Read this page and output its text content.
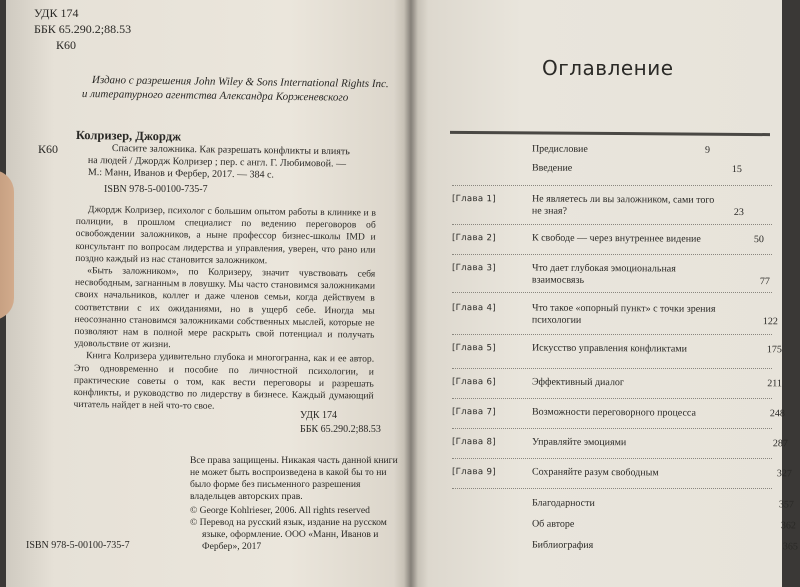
УДК 174
ББК 65.290.2;88.53
К60
Издано с разрешения John Wiley & Sons International Rights Inc.
и литературного агентства Александра Корженевского
Колризер, Джордж
К60	Спасите заложника. Как разрешать конфликты и влиять
на людей / Джордж Колризер ; пер. с англ. Г. Любимовой. —
М.: Манн, Иванов и Фербер, 2017. — 384 с.
ISBN 978-5-00100-735-7

Джордж Колризер, психолог с большим опытом работы в клинике и в полиции, в прошлом специалист по ведению переговоров об освобождении заложников, а ныне профессор бизнес-школы IMD и консультант по вопросам лидерства и управления, уверен, что рано или поздно каждый из нас становится заложником.

«Быть заложником», по Колризеру, значит чувствовать себя несвободным, загнанным в ловушку. Мы часто становимся заложниками своих начальников, коллег и даже членов семьи, когда действуем в соответствии с их ожиданиями, но в ущерб себе. Иногда мы неосознанно становимся заложниками собственных мыслей, которые не позволяют нам в полной мере раскрыть свой потенциал и получать удовольствие от жизни.

Книга Колризера удивительно глубока и многогранна, как и ее автор. Это одновременно и пособие по личностной психологии, и практические советы о том, как вести переговоры и разрешать конфликты, и руководство по лидерству в бизнесе. Каждый думающий читатель найдет в ней что-то свое.

УДК 174
ББК 65.290.2;88.53
Все права защищены. Никакая часть данной книги не может быть воспроизведена в какой бы то ни было форме без письменного разрешения владельцев авторских прав.
ISBN 978-5-00100-735-7
© George Kohlrieser, 2006. All rights reserved
© Перевод на русский язык, издание на русском языке, оформление. ООО «Манн, Иванов и Фербер», 2017
Оглавление
Предисловие	9
Введение	15
[Глава 1]	Не являетесь ли вы заложником, сами того не зная?	23
[Глава 2]	К свободе — через внутреннее видение	50
[Глава 3]	Что дает глубокая эмоциональная взаимосвязь	77
[Глава 4]	Что такое «опорный пункт» с точки зрения психологии	122
[Глава 5]	Искусство управления конфликтами	175
[Глава 6]	Эффективный диалог	211
[Глава 7]	Возможности переговорного процесса	248
[Глава 8]	Управляйте эмоциями	287
[Глава 9]	Сохраняйте разум свободным	327
Благодарности	357
Об авторе	362
Библиография	365
